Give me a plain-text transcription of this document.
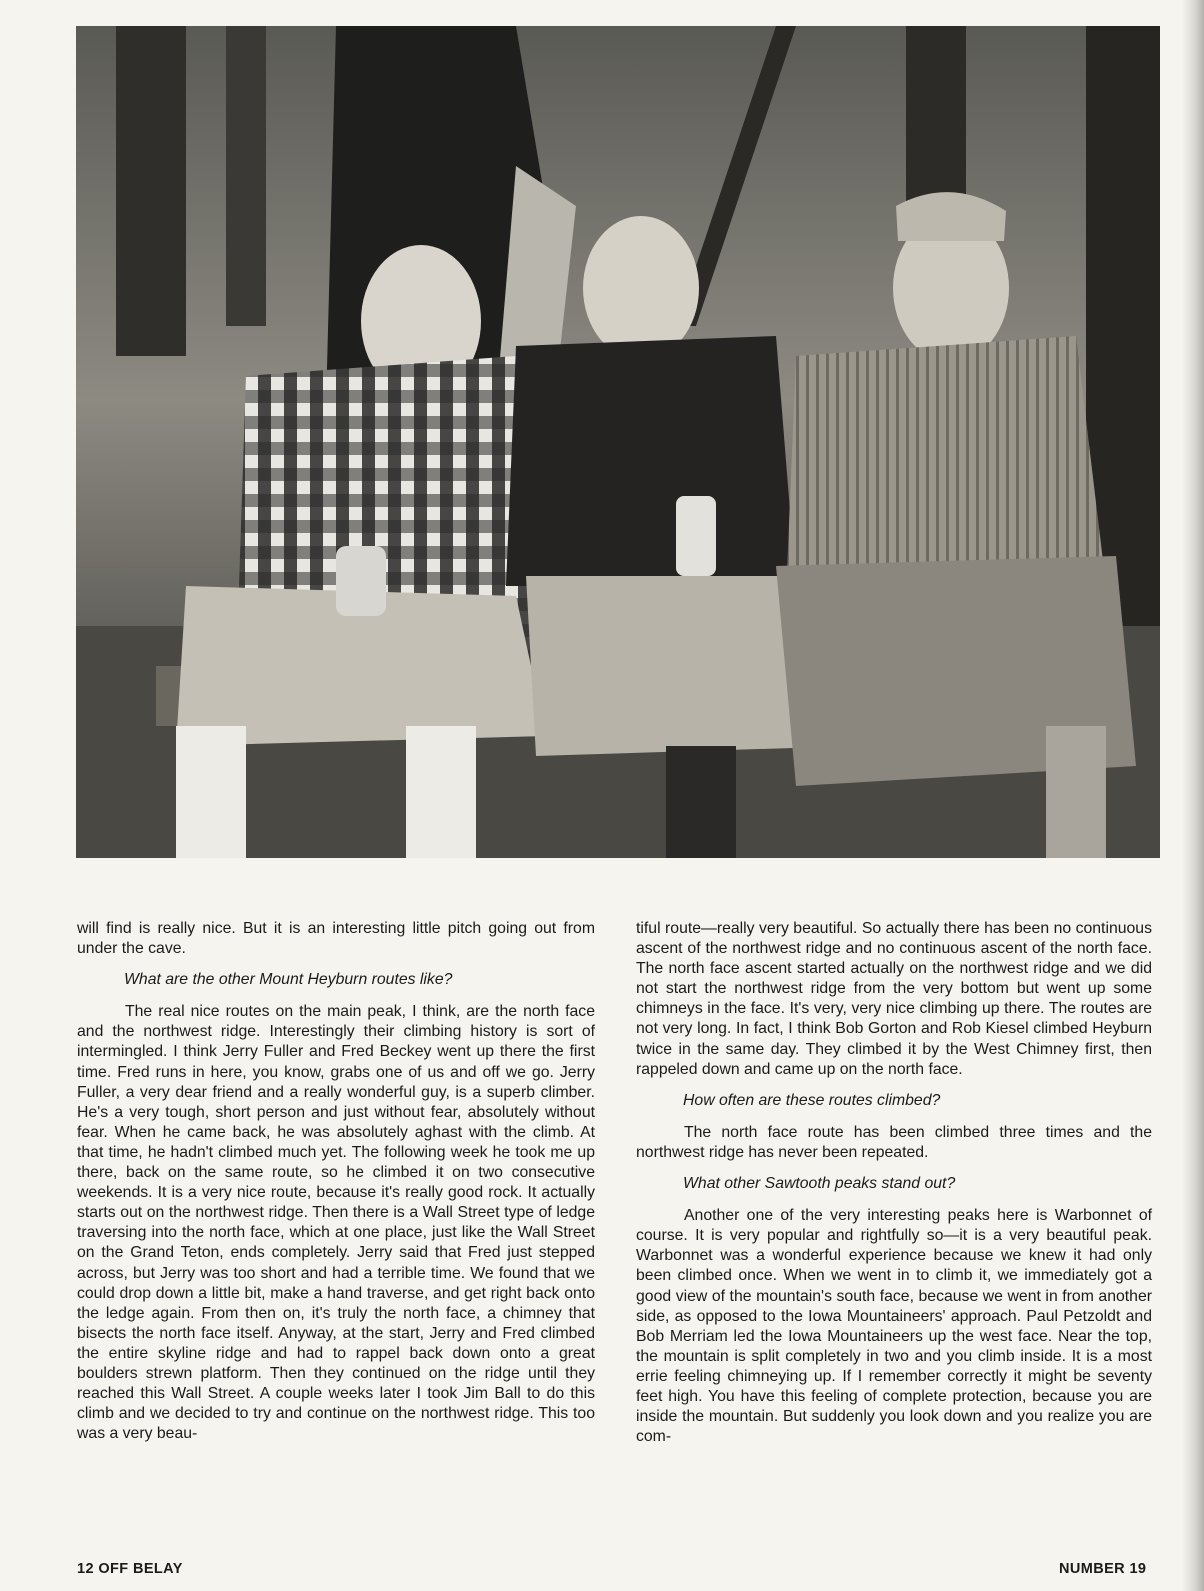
will find is really nice. But it is an interesting little pitch going out from under the cave.

What are the other Mount Heyburn routes like?

The real nice routes on the main peak, I think, are the north face and the northwest ridge. Interestingly their climbing history is sort of intermingled. I think Jerry Fuller and Fred Beckey went up there the first time. Fred runs in here, you know, grabs one of us and off we go. Jerry Fuller, a very dear friend and a really wonderful guy, is a superb climber. He's a very tough, short person and just without fear, absolutely without fear. When he came back, he was absolutely aghast with the climb. At that time, he hadn't climbed much yet. The following week he took me up there, back on the same route, so he climbed it on two consecutive weekends. It is a very nice route, because it's really good rock. It actually starts out on the northwest ridge. Then there is a Wall Street type of ledge traversing into the north face, which at one place, just like the Wall Street on the Grand Teton, ends completely. Jerry said that Fred just stepped across, but Jerry was too short and had a terrible time. We found that we could drop down a little bit, make a hand traverse, and get right back onto the ledge again. From then on, it's truly the north face, a chimney that bisects the north face itself. Anyway, at the start, Jerry and Fred climbed the entire skyline ridge and had to rappel back down onto a great boulders strewn platform. Then they continued on the ridge until they reached this Wall Street. A couple weeks later I took Jim Ball to do this climb and we decided to try and continue on the northwest ridge. This too was a very beau-

tiful route—really very beautiful. So actually there has been no continuous ascent of the northwest ridge and no continuous ascent of the north face. The north face ascent started actually on the northwest ridge and we did not start the northwest ridge from the very bottom but went up some chimneys in the face. It's very, very nice climbing up there. The routes are not very long. In fact, I think Bob Gorton and Rob Kiesel climbed Heyburn twice in the same day. They climbed it by the West Chimney first, then rappeled down and came up on the north face.

How often are these routes climbed?

The north face route has been climbed three times and the northwest ridge has never been repeated.

What other Sawtooth peaks stand out?

Another one of the very interesting peaks here is Warbonnet of course. It is very popular and rightfully so—it is a very beautiful peak. Warbonnet was a wonderful experience because we knew it had only been climbed once. When we went in to climb it, we immediately got a good view of the mountain's south face, because we went in from another side, as opposed to the Iowa Mountaineers' approach. Paul Petzoldt and Bob Merriam led the Iowa Mountaineers up the west face. Near the top, the mountain is split completely in two and you climb inside. It is a most errie feeling chimneying up. If I remember correctly it might be seventy feet high. You have this feeling of complete protection, because you are inside the mountain. But suddenly you look down and you realize you are com-

12 OFF BELAY	NUMBER 19
